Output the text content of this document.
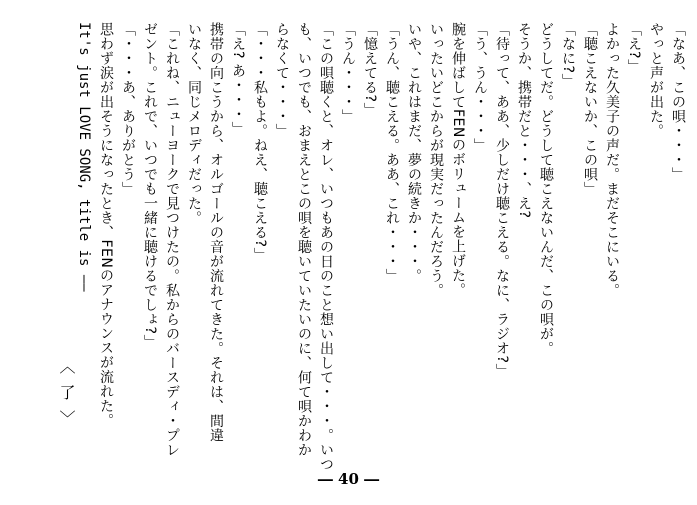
「なあ、この唄・・・」
やっと声が出た。
「え?」
よかった久美子の声だ。まだそこにいる。
「聴こえないか、この唄」
「なに?」
どうしてだ。どうして聴こえないんだ、この唄が。
そうか、携帯だと・・・、え?
「待って、ああ、少しだけ聴こえる。なに、ラジオ?」
「う、うん・・・」
腕を伸ばしてFENのボリュームを上げた。
いったいどこからが現実だったんだろう。
いや、これはまだ、夢の続きか・・・。
「うん、聴こえる。ああ、これ・・・」
「憶えてる?」
「うん・・・」
「この唄聴くと、オレ、いつもあの日のこと想い出して・・・。いつ
も、いつでも、おまえとこの唄を聴いていたいのに、何て唄かわか
らなくて・・・」
「・・・私もよ。ねえ、聴こえる?」
「え? あ・・・」
携帯の向こうから、オルゴールの音が流れてきた。それは、間違
いなく、同じメロディだった。
「これね、ニューヨークで見つけたの。私からのバースディ・プレ
ゼント。これで、いつでも一緒に聴けるでしょ?」
「・・・あ、ありがとう」
思わず涙が出そうになったとき、FENのアナウンスが流れた。
It's just LOVE SONG, title is ――
〈了〉
― 40 ―
